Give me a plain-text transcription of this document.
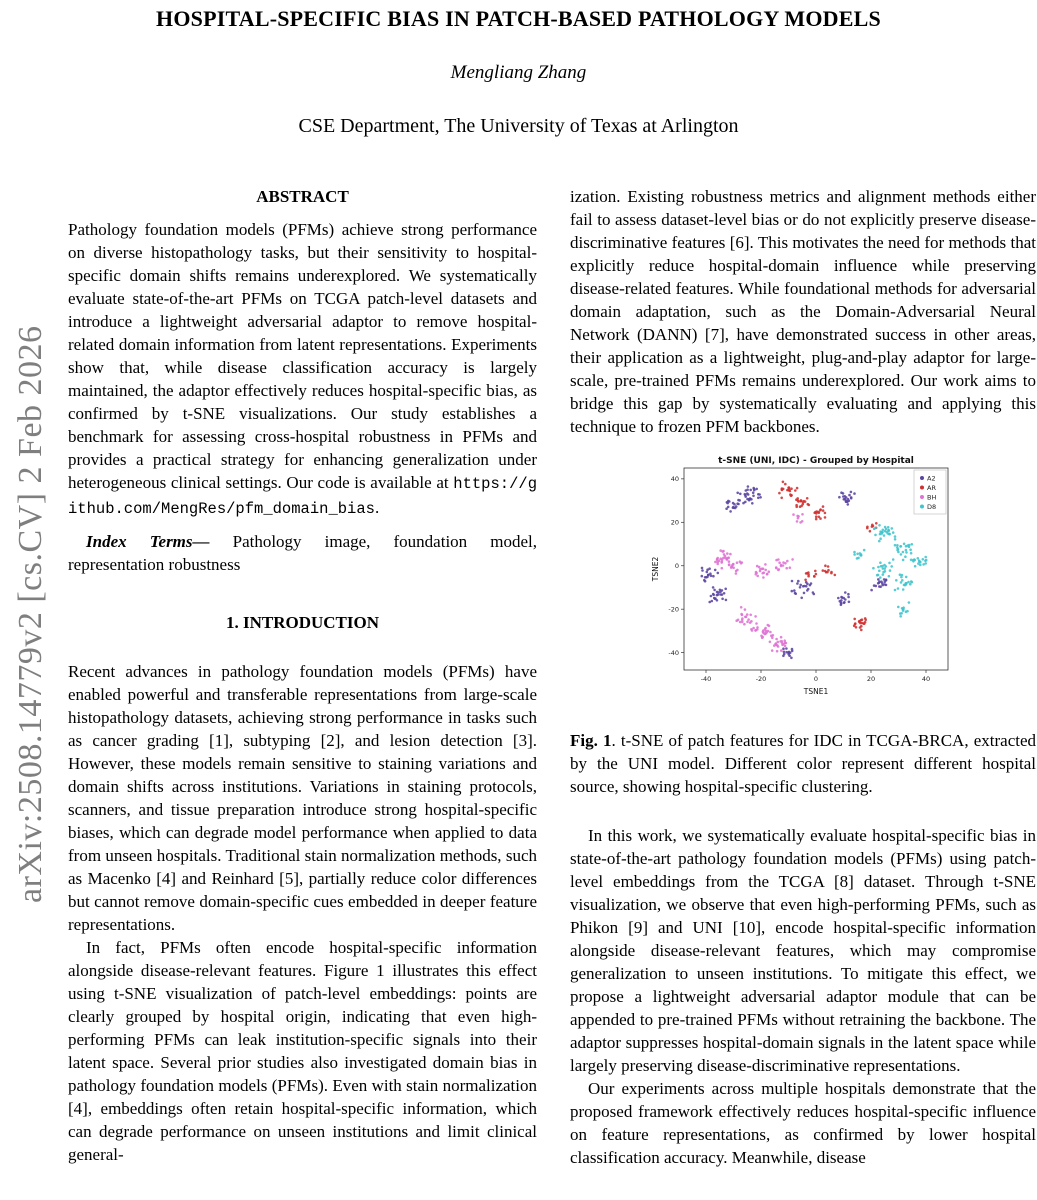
arXiv:2508.14779v2 [cs.CV] 2 Feb 2026
HOSPITAL-SPECIFIC BIAS IN PATCH-BASED PATHOLOGY MODELS
Mengliang Zhang
CSE Department, The University of Texas at Arlington
ABSTRACT

Pathology foundation models (PFMs) achieve strong performance on diverse histopathology tasks, but their sensitivity to hospital-specific domain shifts remains underexplored. We systematically evaluate state-of-the-art PFMs on TCGA patch-level datasets and introduce a lightweight adversarial adaptor to remove hospital-related domain information from latent representations. Experiments show that, while disease classification accuracy is largely maintained, the adaptor effectively reduces hospital-specific bias, as confirmed by t-SNE visualizations. Our study establishes a benchmark for assessing cross-hospital robustness in PFMs and provides a practical strategy for enhancing generalization under heterogeneous clinical settings. Our code is available at https://github.com/MengRes/pfm_domain_bias.

Index Terms— Pathology image, foundation model, representation robustness

1. INTRODUCTION

Recent advances in pathology foundation models (PFMs) have enabled powerful and transferable representations from large-scale histopathology datasets, achieving strong performance in tasks such as cancer grading [1], subtyping [2], and lesion detection [3]. However, these models remain sensitive to staining variations and domain shifts across institutions. Variations in staining protocols, scanners, and tissue preparation introduce strong hospital-specific biases, which can degrade model performance when applied to data from unseen hospitals. Traditional stain normalization methods, such as Macenko [4] and Reinhard [5], partially reduce color differences but cannot remove domain-specific cues embedded in deeper feature representations.

In fact, PFMs often encode hospital-specific information alongside disease-relevant features. Figure 1 illustrates this effect using t-SNE visualization of patch-level embeddings: points are clearly grouped by hospital origin, indicating that even high-performing PFMs can leak institution-specific signals into their latent space. Several prior studies also investigated domain bias in pathology foundation models (PFMs). Even with stain normalization [4], embeddings often retain hospital-specific information, which can degrade performance on unseen institutions and limit clinical general-

ization. Existing robustness metrics and alignment methods either fail to assess dataset-level bias or do not explicitly preserve disease-discriminative features [6]. This motivates the need for methods that explicitly reduce hospital-domain influence while preserving disease-related features. While foundational methods for adversarial domain adaptation, such as the Domain-Adversarial Neural Network (DANN) [7], have demonstrated success in other areas, their application as a lightweight, plug-and-play adaptor for large-scale, pre-trained PFMs remains underexplored. Our work aims to bridge this gap by systematically evaluating and applying this technique to frozen PFM backbones.

t-SNE (UNI, IDC) - Grouped by Hospital
-40	-20	0	20	40
-40
-20
0
20
40	A2
AR
BH
D8
TSNE1
TSNE2

Fig. 1. t-SNE of patch features for IDC in TCGA-BRCA, extracted by the UNI model. Different color represent different hospital source, showing hospital-specific clustering.

In this work, we systematically evaluate hospital-specific bias in state-of-the-art pathology foundation models (PFMs) using patch-level embeddings from the TCGA [8] dataset. Through t-SNE visualization, we observe that even high-performing PFMs, such as Phikon [9] and UNI [10], encode hospital-specific information alongside disease-relevant features, which may compromise generalization to unseen institutions. To mitigate this effect, we propose a lightweight adversarial adaptor module that can be appended to pre-trained PFMs without retraining the backbone. The adaptor suppresses hospital-domain signals in the latent space while largely preserving disease-discriminative representations.

Our experiments across multiple hospitals demonstrate that the proposed framework effectively reduces hospital-specific influence on feature representations, as confirmed by lower hospital classification accuracy. Meanwhile, disease
